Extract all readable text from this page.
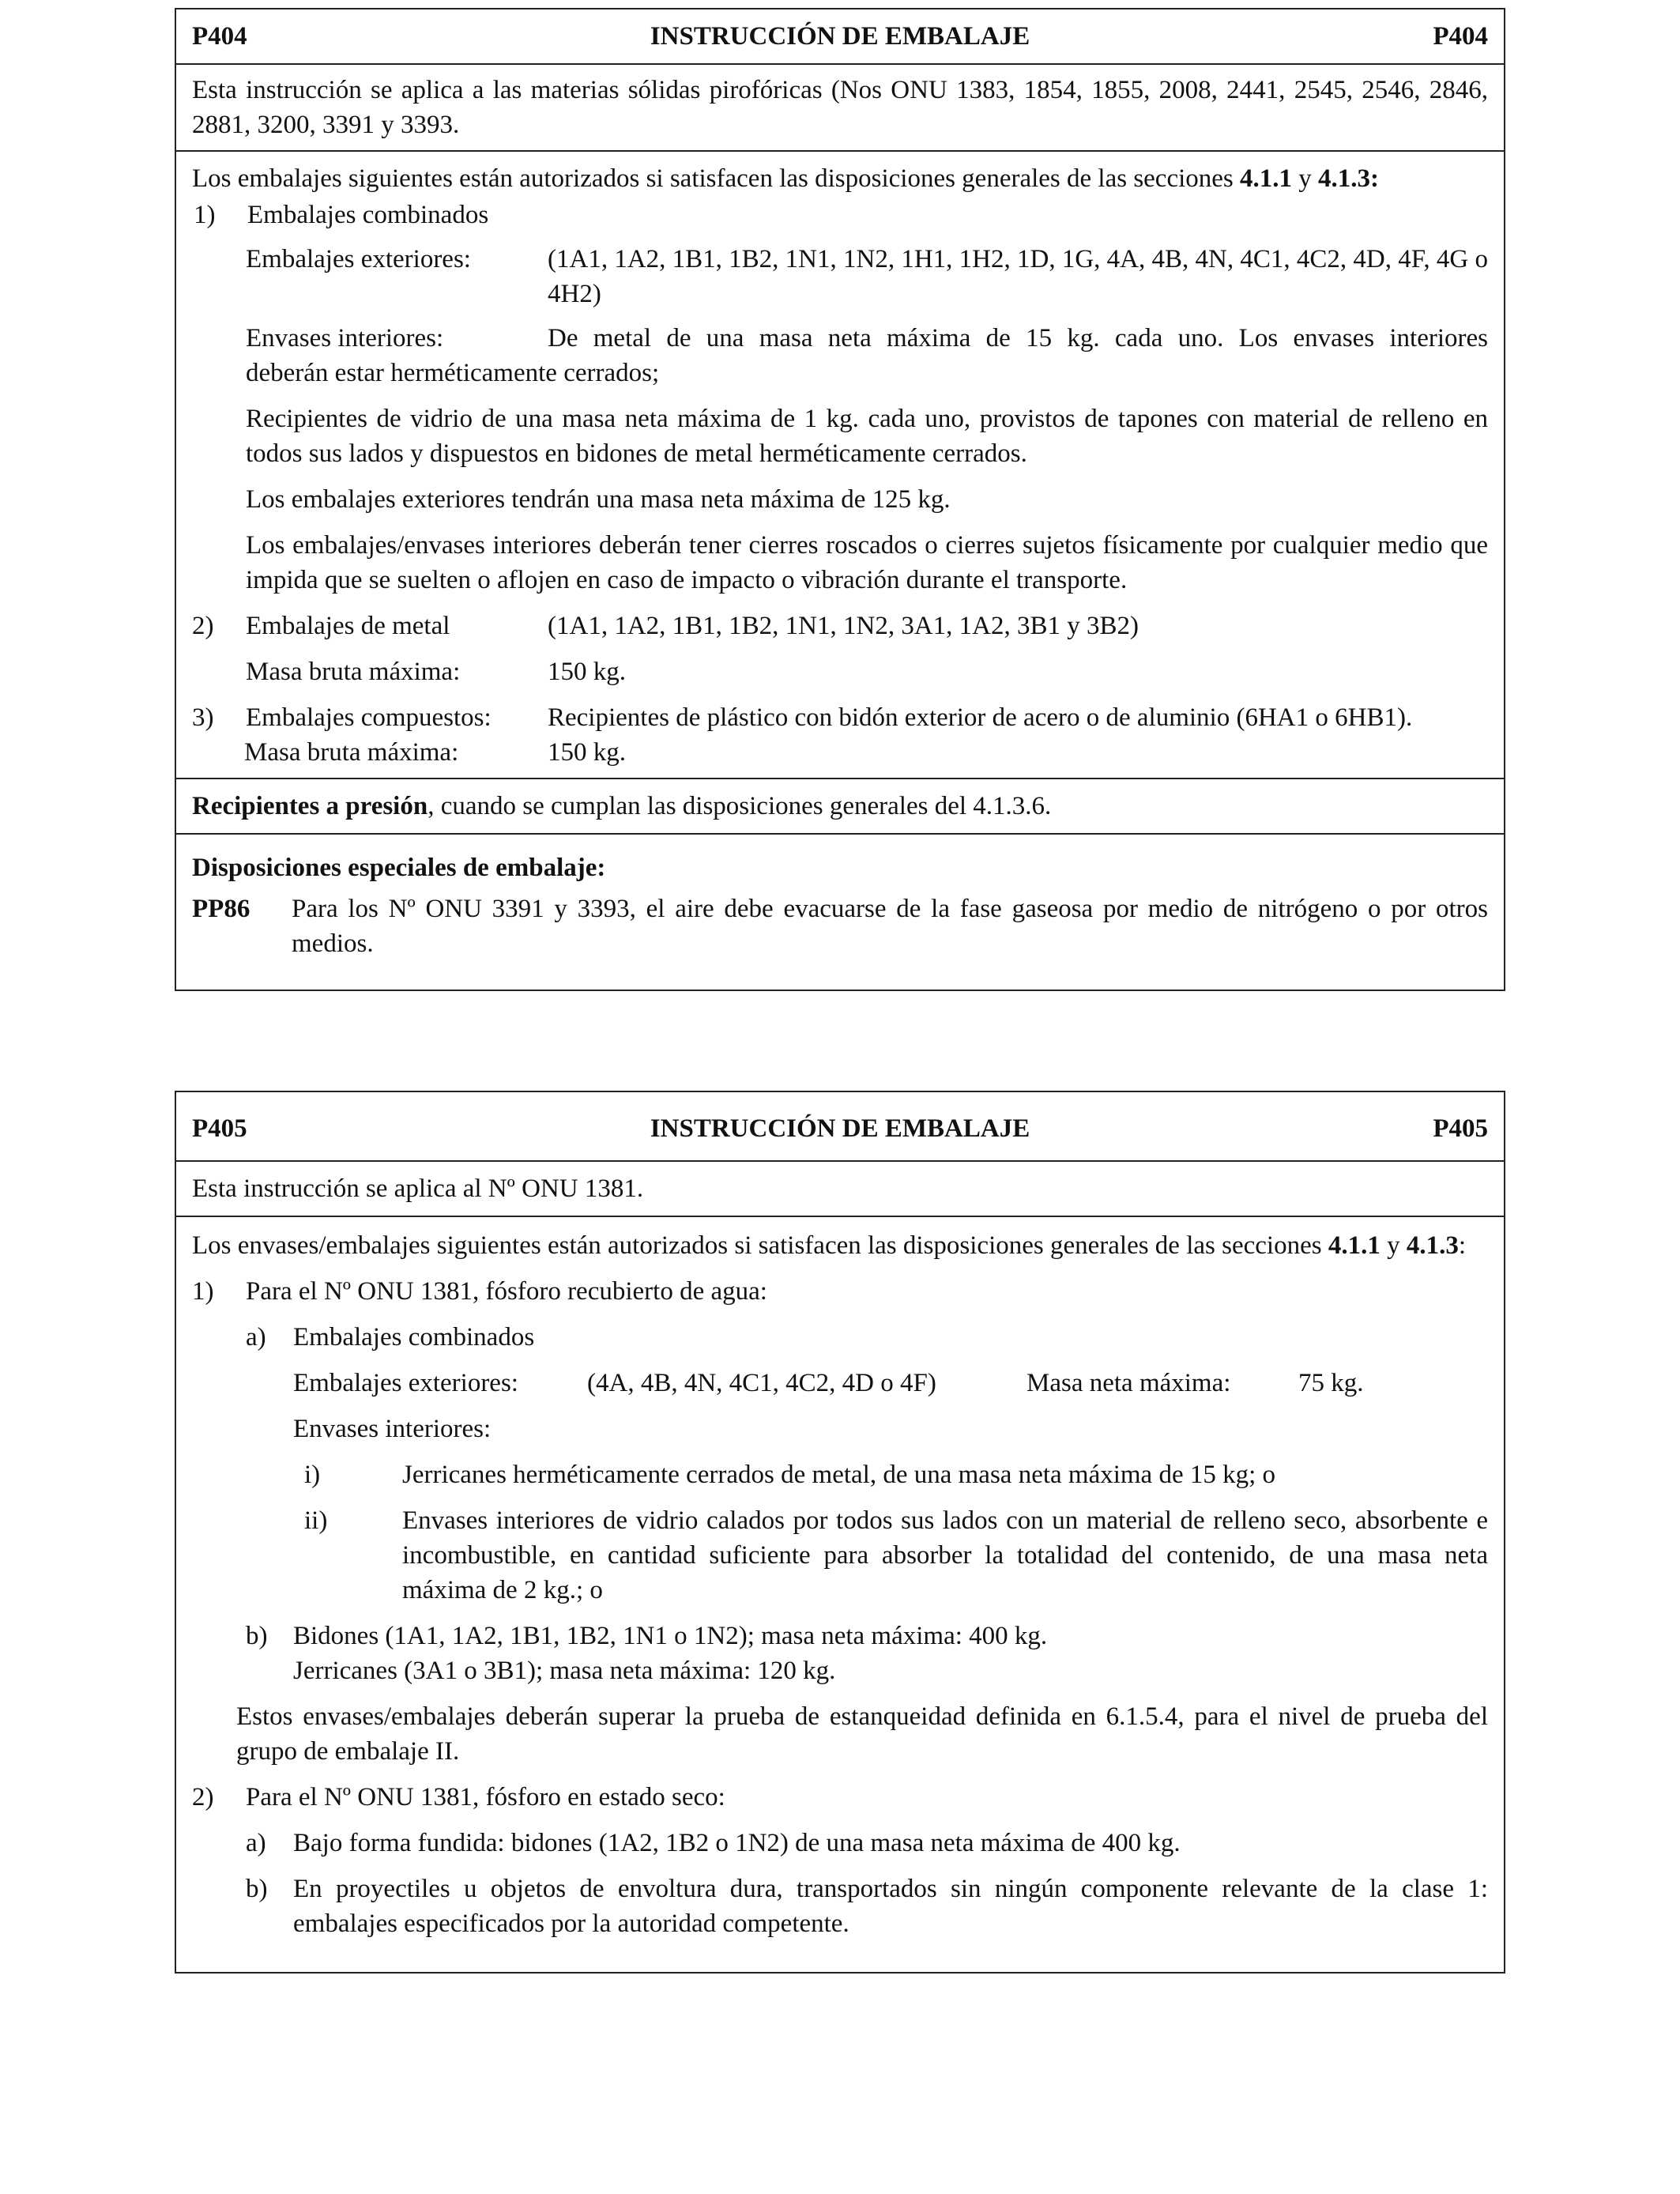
P404	INSTRUCCIÓN DE EMBALAJE	P404
Esta instrucción se aplica a las materias sólidas pirofóricas (Nos ONU 1383, 1854, 1855, 2008, 2441, 2545, 2546, 2846, 2881, 3200, 3391 y 3393.
Los embalajes siguientes están autorizados si satisfacen las disposiciones generales de las secciones 4.1.1 y 4.1.3:
1)	Embalajes combinados
Embalajes exteriores:	(1A1, 1A2, 1B1, 1B2, 1N1, 1N2, 1H1, 1H2, 1D, 1G, 4A, 4B, 4N, 4C1, 4C2, 4D, 4F, 4G o 4H2)
Envases interiores:	De metal de una masa neta máxima de 15 kg. cada uno. Los envases interiores
deberán estar herméticamente cerrados;
Recipientes de vidrio de una masa neta máxima de 1 kg. cada uno, provistos de tapones con material de relleno en todos sus lados y dispuestos en bidones de metal herméticamente cerrados.
Los embalajes exteriores tendrán una masa neta máxima de 125 kg.
Los embalajes/envases interiores deberán tener cierres roscados o cierres sujetos físicamente por cualquier medio que impida que se suelten o aflojen en caso de impacto o vibración durante el transporte.
2)	Embalajes de metal	(1A1, 1A2, 1B1, 1B2, 1N1, 1N2, 3A1, 1A2, 3B1 y 3B2)
Masa bruta máxima:	150 kg.
3)	Embalajes compuestos:	Recipientes de plástico con bidón exterior de acero o de aluminio (6HA1 o 6HB1).
Masa bruta máxima:	150 kg.
Recipientes a presión, cuando se cumplan las disposiciones generales del 4.1.3.6.
Disposiciones especiales de embalaje:
PP86	Para los Nº ONU 3391 y 3393, el aire debe evacuarse de la fase gaseosa por medio de nitrógeno o por otros medios.
P405	INSTRUCCIÓN DE EMBALAJE	P405
Esta instrucción se aplica al Nº ONU 1381.
Los envases/embalajes siguientes están autorizados si satisfacen las disposiciones generales de las secciones 4.1.1 y 4.1.3:
1)	Para el Nº ONU 1381, fósforo recubierto de agua:
a)	Embalajes combinados
Embalajes exteriores:	(4A, 4B, 4N, 4C1, 4C2, 4D o 4F)	Masa neta máxima:	75 kg.
Envases interiores:
i)	Jerricanes herméticamente cerrados de metal, de una masa neta máxima de 15 kg; o
ii)	Envases interiores de vidrio calados por todos sus lados con un material de relleno seco, absorbente e incombustible, en cantidad suficiente para absorber la totalidad del contenido, de una masa neta máxima de 2 kg.; o
b) Bidones (1A1, 1A2, 1B1, 1B2, 1N1 o 1N2); masa neta máxima: 400 kg.
Jerricanes (3A1 o 3B1); masa neta máxima: 120 kg.
Estos envases/embalajes deberán superar la prueba de estanqueidad definida en 6.1.5.4, para el nivel de prueba del grupo de embalaje II.
2)	Para el Nº ONU 1381, fósforo en estado seco:
a)	Bajo forma fundida: bidones (1A2, 1B2 o 1N2) de una masa neta máxima de 400 kg.
b) En proyectiles u objetos de envoltura dura, transportados sin ningún componente relevante de la clase 1: embalajes especificados por la autoridad competente.
